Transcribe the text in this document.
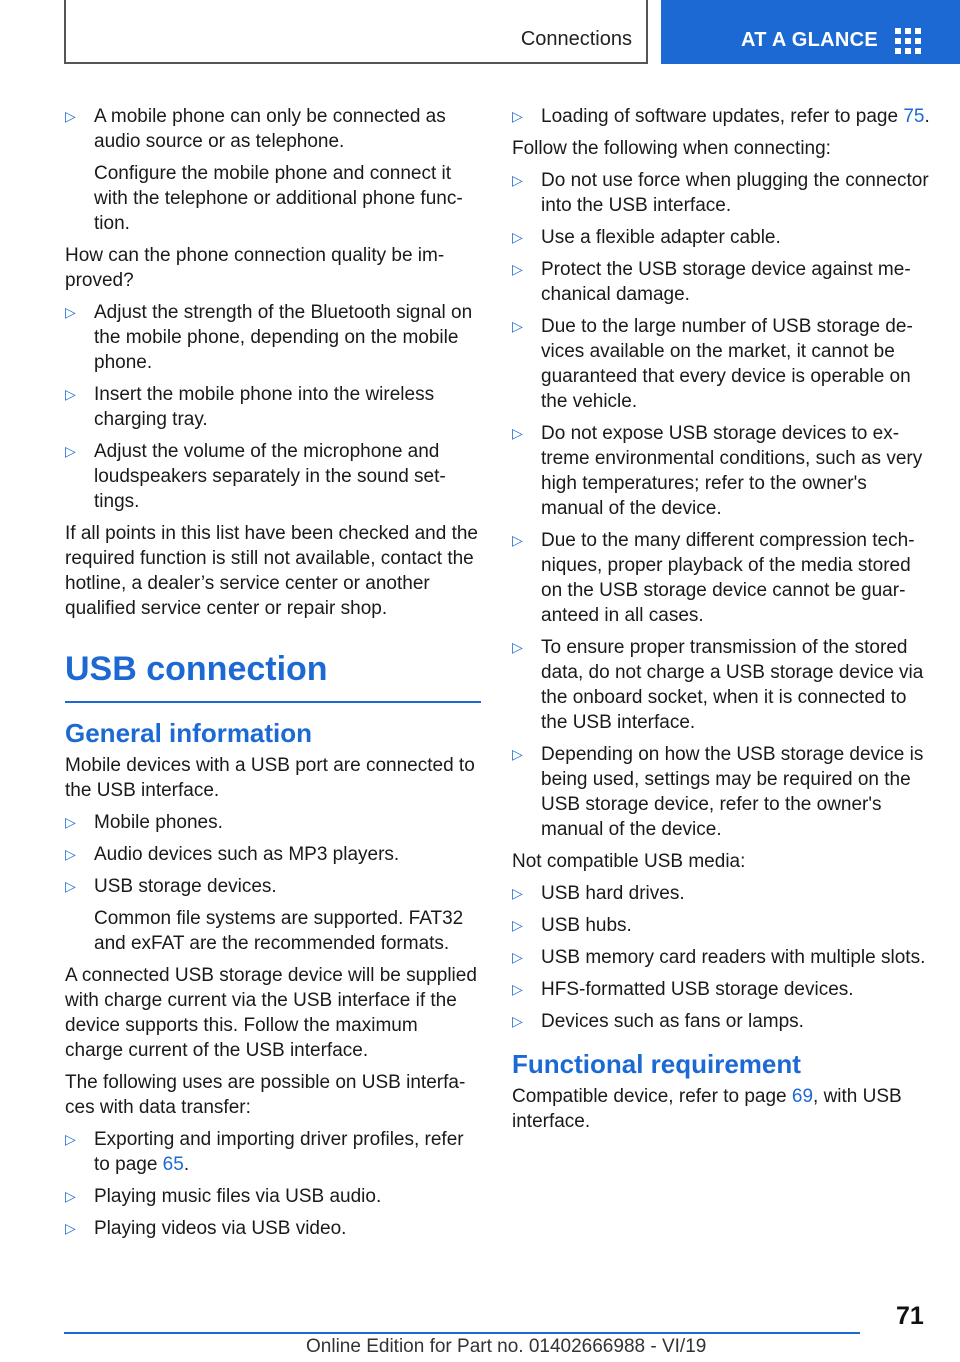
Connections	AT A GLANCE
▷ A mobile phone can only be connected as audio source or as telephone.

Configure the mobile phone and connect it with the telephone or additional phone function.

How can the phone connection quality be improved?

▷ Adjust the strength of the Bluetooth signal on the mobile phone, depending on the mobile phone.
▷ Insert the mobile phone into the wireless charging tray.
▷ Adjust the volume of the microphone and loudspeakers separately in the sound settings.

If all points in this list have been checked and the required function is still not available, contact the hotline, a dealer’s service center or another qualified service center or repair shop.

USB connection
General information

Mobile devices with a USB port are connected to the USB interface.

▷ Mobile phones.
▷ Audio devices such as MP3 players.
▷ USB storage devices.

Common file systems are supported. FAT32 and exFAT are the recommended formats.

A connected USB storage device will be supplied with charge current via the USB interface if the device supports this. Follow the maximum charge current of the USB interface.

The following uses are possible on USB interfaces with data transfer:

▷ Exporting and importing driver profiles, refer to page 65.
▷ Playing music files via USB audio.
▷ Playing videos via USB video.
▷ Loading of software updates, refer to page 75.

Follow the following when connecting:

▷ Do not use force when plugging the connector into the USB interface.
▷ Use a flexible adapter cable.
▷ Protect the USB storage device against mechanical damage.
▷ Due to the large number of USB storage devices available on the market, it cannot be guaranteed that every device is operable on the vehicle.
▷ Do not expose USB storage devices to extreme environmental conditions, such as very high temperatures; refer to the owner's manual of the device.
▷ Due to the many different compression techniques, proper playback of the media stored on the USB storage device cannot be guaranteed in all cases.
▷ To ensure proper transmission of the stored data, do not charge a USB storage device via the onboard socket, when it is connected to the USB interface.
▷ Depending on how the USB storage device is being used, settings may be required on the USB storage device, refer to the owner's manual of the device.

Not compatible USB media:

▷ USB hard drives.
▷ USB hubs.
▷ USB memory card readers with multiple slots.
▷ HFS-formatted USB storage devices.
▷ Devices such as fans or lamps.
Functional requirement

Compatible device, refer to page 69, with USB interface.

71
Online Edition for Part no. 01402666988 - VI/19
